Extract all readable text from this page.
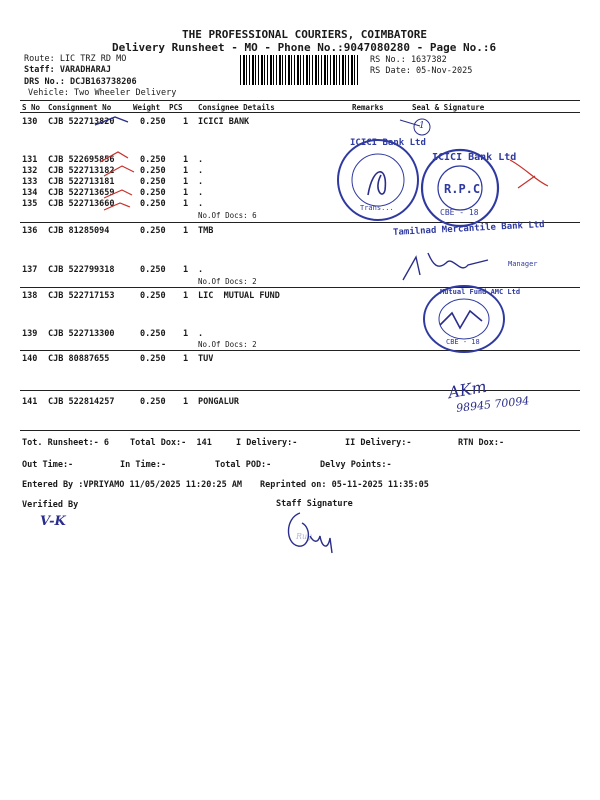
THE PROFESSIONAL COURIERS, COIMBATORE
Delivery Runsheet - MO - Phone No.:9047080280 - Page No.:6
Route: LIC TRZ RD MO
Staff: VARADHARAJ
DRS No.: DCJB163738206
Vehicle: Two Wheeler Delivery
RS No.: 1637382
RS Date: 05-Nov-2025
S No Consignment No	Weight PCS Consignee Details	Remarks	Seal & Signature
130 CJB 522713820	0.250 1 ICICI BANK
131 CJB 522695856	0.250 1 .
132 CJB 522713182	0.250 1 .
133 CJB 522713181	0.250 1 .
134 CJB 522713659	0.250 1 .
135 CJB 522713660	0.250 1 .
No.Of Docs: 6
136 CJB 81285094	0.250 1 TMB
137 CJB 522799318	0.250 1 .
No.Of Docs: 2
138 CJB 522717153	0.250 1 LIC  MUTUAL FUND
139 CJB 522713300	0.250 1 .
No.Of Docs: 2
140 CJB 80887655	0.250 1 TUV
141 CJB 522814257	0.250 1 PONGALUR
Tot. Runsheet:- 6 Total Dox:-  141	I Delivery:-	II Delivery:-	RTN Dox:-
Out Time:-	In Time:-	Total POD:-	Delvy Points:-
Entered By :VPRIYAMO 11/05/2025 11:20:25 AM Reprinted on: 05-11-2025 11:35:05
Verified By	Staff Signature
1
ICICI Bank Ltd
Trans...
ICICI Bank Ltd
R.P.C
CBE - 18
Tamilnad Mercantile Bank Ltd
Manager
Mutual Fund AMC Ltd
CBE - 18
AKm
98945 70094
V-K
Ruy
